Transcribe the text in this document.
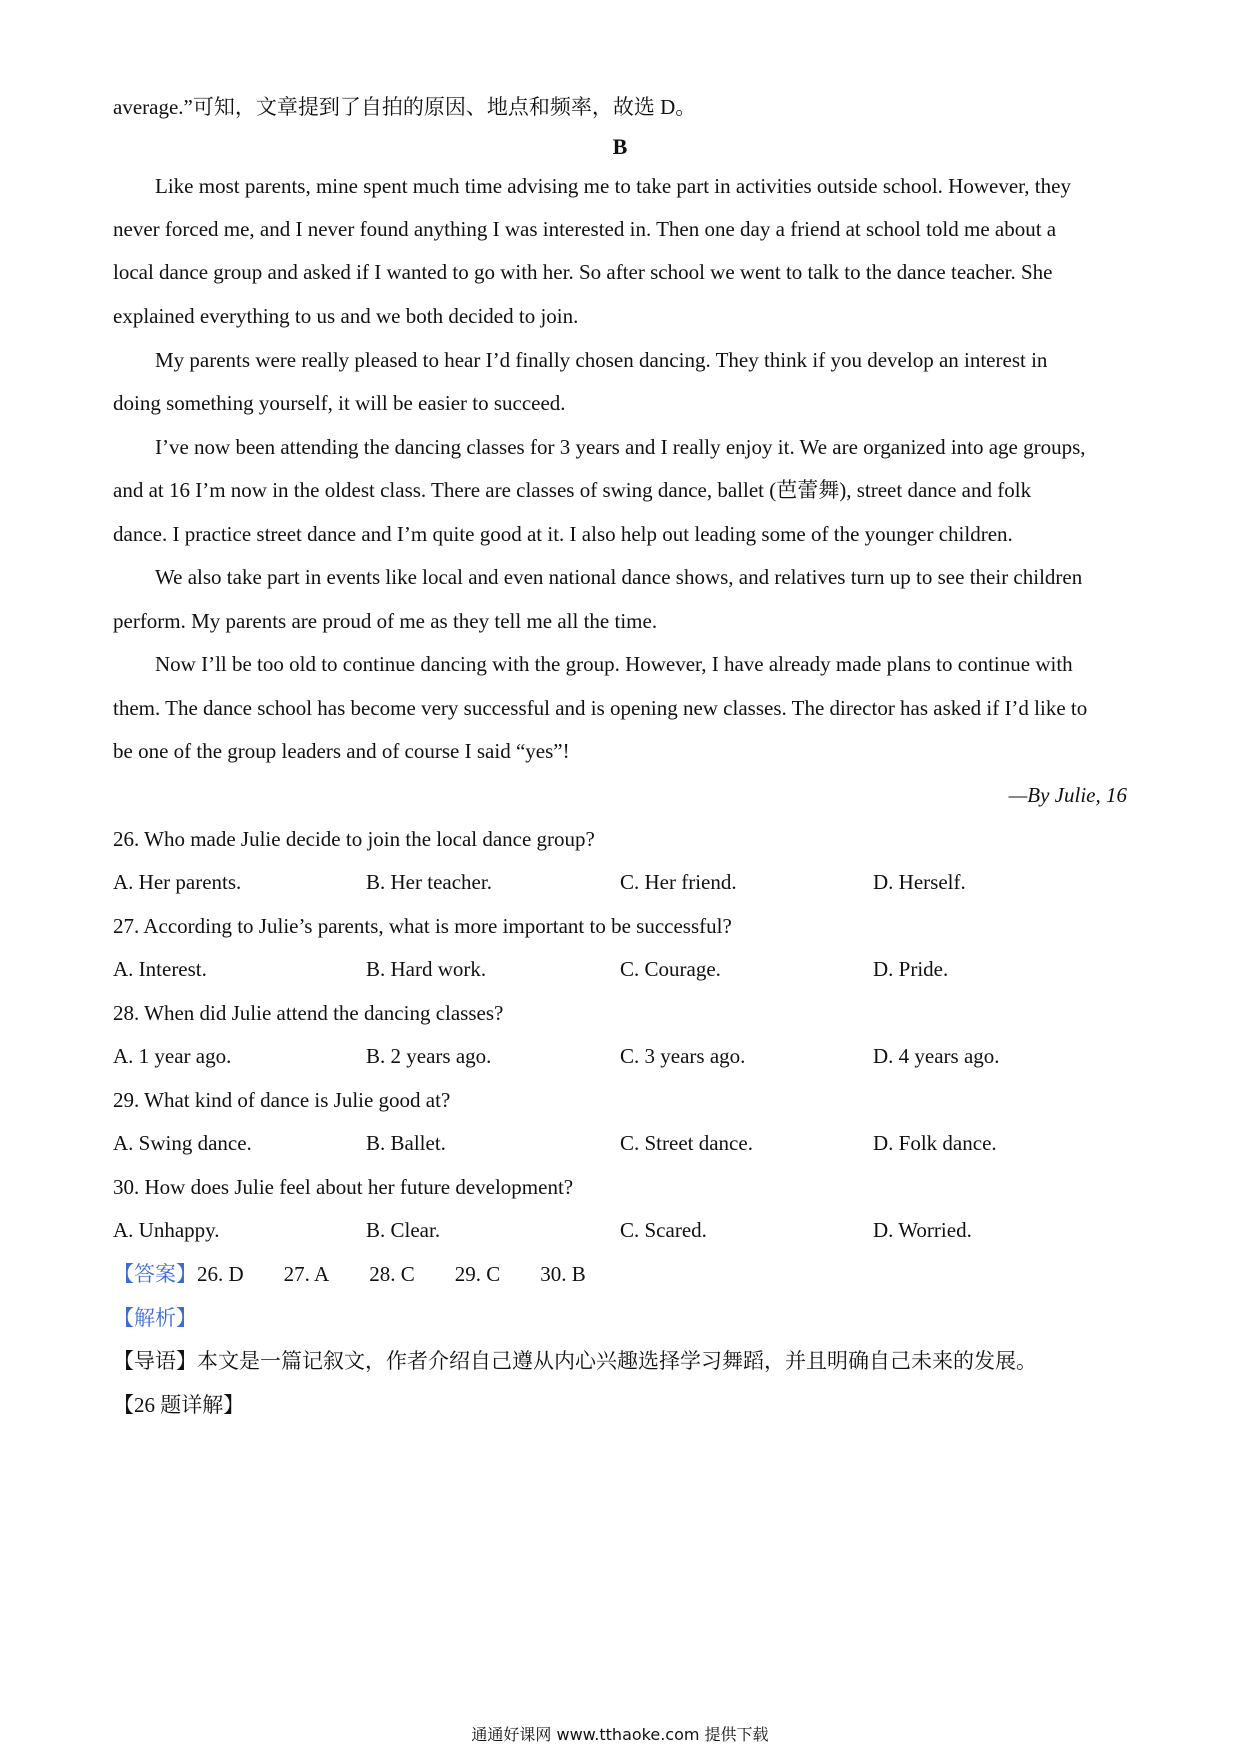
average.”可知，文章提到了自拍的原因、地点和频率，故选 D。
B
Like most parents, mine spent much time advising me to take part in activities outside school. However, they
never forced me, and I never found anything I was interested in. Then one day a friend at school told me about a
local dance group and asked if I wanted to go with her. So after school we went to talk to the dance teacher. She
explained everything to us and we both decided to join.
My parents were really pleased to hear I’d finally chosen dancing. They think if you develop an interest in
doing something yourself, it will be easier to succeed.
I’ve now been attending the dancing classes for 3 years and I really enjoy it. We are organized into age groups,
and at 16 I’m now in the oldest class. There are classes of swing dance, ballet (芭蕾舞), street dance and folk
dance. I practice street dance and I’m quite good at it. I also help out leading some of the younger children.
We also take part in events like local and even national dance shows, and relatives turn up to see their children
perform. My parents are proud of me as they tell me all the time.
Now I’ll be too old to continue dancing with the group. However, I have already made plans to continue with
them. The dance school has become very successful and is opening new classes. The director has asked if I’d like to
be one of the group leaders and of course I said “yes”!
—By Julie, 16
26. Who made Julie decide to join the local dance group?
A. Her parents.	B. Her teacher.	C. Her friend.	D. Herself.
27. According to Julie’s parents, what is more important to be successful?
A. Interest.	B. Hard work.	C. Courage.	D. Pride.
28. When did Julie attend the dancing classes?
A. 1 year ago.	B. 2 years ago.	C. 3 years ago.	D. 4 years ago.
29. What kind of dance is Julie good at?
A. Swing dance.	B. Ballet.	C. Street dance.	D. Folk dance.
30. How does Julie feel about her future development?
A. Unhappy.	B. Clear.	C. Scared.	D. Worried.
【答案】26. D 27. A 28. C 29. C 30. B
【解析】
【导语】本文是一篇记叙文，作者介绍自己遵从内心兴趣选择学习舞蹈，并且明确自己未来的发展。
【26 题详解】
通通好课网 www.tthaoke.com 提供下载
